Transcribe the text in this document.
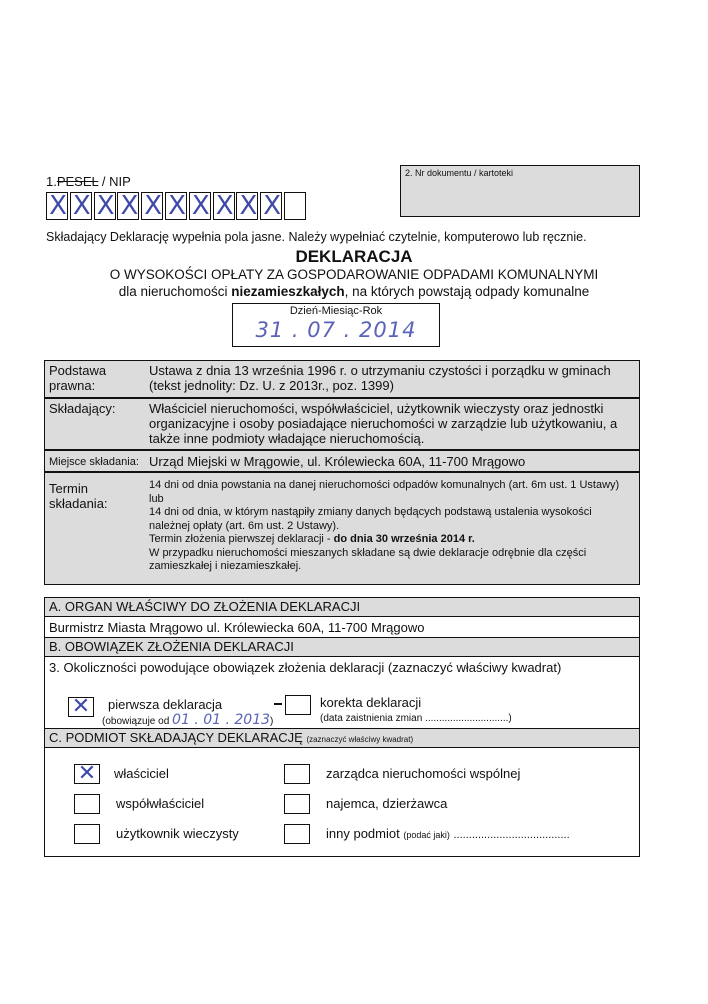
1.PESEL / NIP
X X X X X X X X X X
2. Nr dokumentu / kartoteki
Składający Deklarację wypełnia pola jasne. Należy wypełniać czytelnie, komputerowo lub ręcznie.
DEKLARACJA
O WYSOKOŚCI OPŁATY ZA GOSPODAROWANIE ODPADAMI KOMUNALNYMI
dla nieruchomości niezamieszkałych, na których powstają odpady komunalne
Dzień-Miesiąc-Rok
31 . 07 . 2014
Podstawa prawna:
Ustawa z dnia 13 września 1996 r. o utrzymaniu czystości i porządku w gminach (tekst jednolity: Dz. U. z 2013r., poz. 1399)
Składający:	Właściciel nieruchomości, współwłaściciel, użytkownik wieczysty oraz jednostki organizacyjne i osoby posiadające nieruchomości w zarządzie lub użytkowaniu, a także inne podmioty władające nieruchomością.
Miejsce składania: Urząd Miejski w Mrągowie, ul. Królewiecka 60A, 11-700 Mrągowo
Termin składania:
14 dni od dnia powstania na danej nieruchomości odpadów komunalnych (art. 6m ust. 1 Ustawy) lub
14 dni od dnia, w którym nastąpiły zmiany danych będących podstawą ustalenia wysokości należnej opłaty (art. 6m ust. 2 Ustawy).
Termin złożenia pierwszej deklaracji - do dnia 30 września 2014 r.
W przypadku nieruchomości mieszanych składane są dwie deklaracje odrębnie dla części zamieszkałej i niezamieszkałej.
A. ORGAN WŁAŚCIWY DO ZŁOŻENIA DEKLARACJI
Burmistrz Miasta Mrągowo ul. Królewiecka 60A, 11-700 Mrągowo
B. OBOWIĄZEK ZŁOŻENIA DEKLARACJI
3. Okoliczności powodujące obowiązek złożenia deklaracji (zaznaczyć właściwy kwadrat)
✕ pierwsza deklaracja
(obowiązuje od 01 . 01 . 2013)
korekta deklaracji
(data zaistnienia zmian ..............................)
C. PODMIOT SKŁADAJĄCY DEKLARACJĘ (zaznaczyć właściwy kwadrat)
✕ właściciel	zarządca nieruchomości wspólnej
współwłaściciel	najemca, dzierżawca
użytkownik wieczysty	inny podmiot (podać jaki) ......................................
